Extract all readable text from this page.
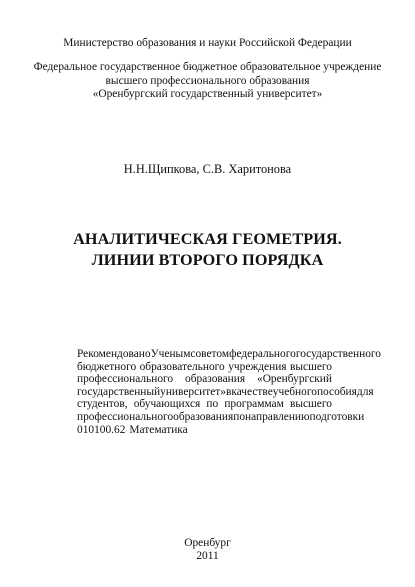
Министерство образования и науки Российской Федерации
Федеральное государственное бюджетное образовательное учреждение
высшего профессионального образования
«Оренбургский государственный университет»
Н.Н.Щипкова, С.В. Харитонова
АНАЛИТИЧЕСКАЯ ГЕОМЕТРИЯ.
ЛИНИИ ВТОРОГО ПОРЯДКА
Рекомендовано Ученым советом федерального государственного
бюджетного образовательного учреждения высшего
профессионального образования «Оренбургский
государственный университет» в качестве учебного пособия для
студентов, обучающихся по программам высшего
профессионального образования по направлению подготовки
010100.62 Математика
Оренбург
2011
